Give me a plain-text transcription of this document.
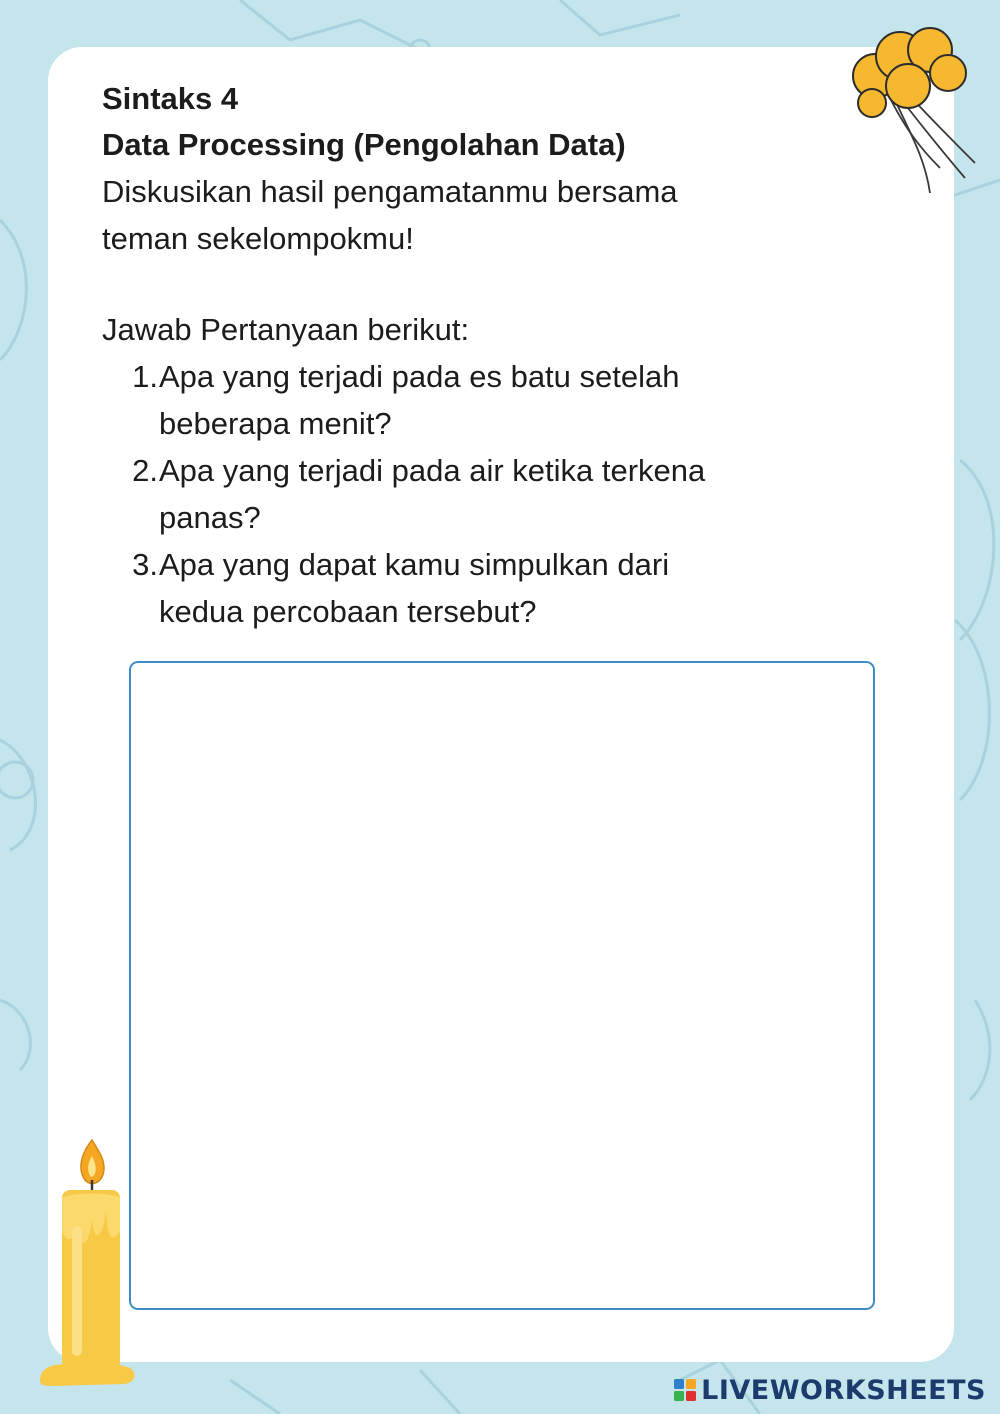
Sintaks 4
Data Processing (Pengolahan Data)

Diskusikan hasil pengamatanmu bersama

teman sekelompokmu!

Jawab Pertanyaan berikut:

1. Apa yang terjadi pada es batu setelah
beberapa menit?
2. Apa yang terjadi pada air ketika terkena
panas?
3. Apa yang dapat kamu simpulkan dari
kedua percobaan tersebut?
LIVEWORKSHEETS
